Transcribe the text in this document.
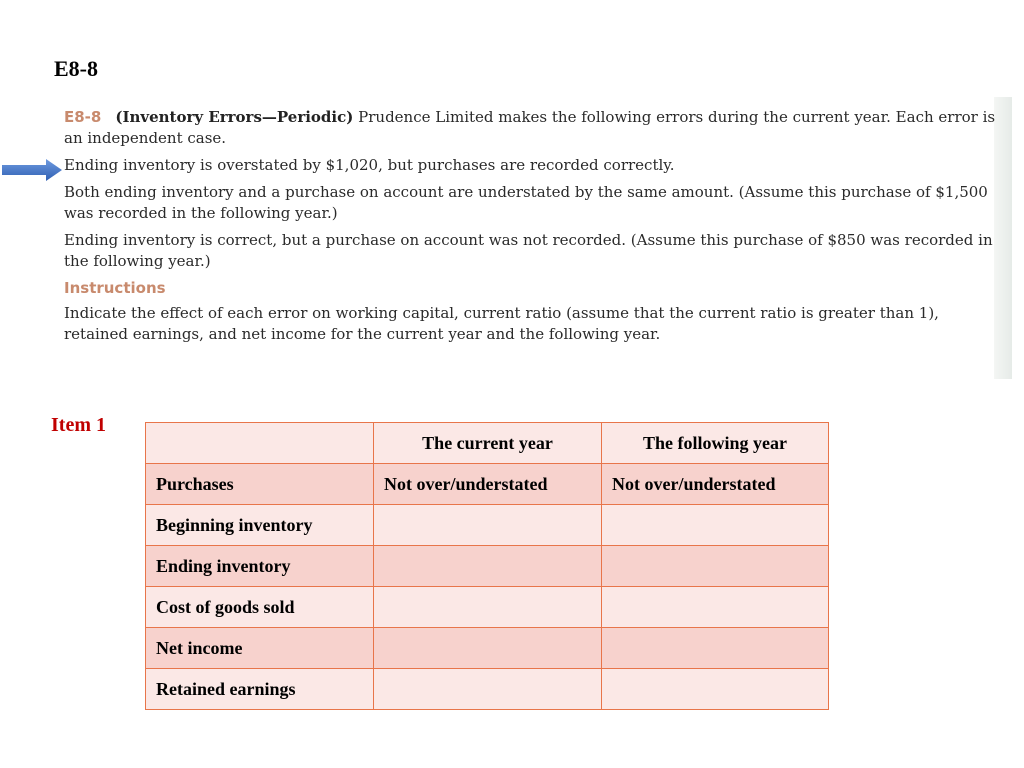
E8-8

E8-8 (Inventory Errors—Periodic) Prudence Limited makes the following errors during the current year. Each error is an independent case.

Ending inventory is overstated by $1,020, but purchases are recorded correctly.

Both ending inventory and a purchase on account are understated by the same amount. (Assume this purchase of $1,500 was recorded in the following year.)

Ending inventory is correct, but a purchase on account was not recorded. (Assume this purchase of $850 was recorded in the following year.)

Instructions

Indicate the effect of each error on working capital, current ratio (assume that the current ratio is greater than 1), retained earnings, and net income for the current year and the following year.

Item 1
	The current year	The following year
Purchases	Not over/understated	Not over/understated
Beginning inventory		
Ending inventory		
Cost of goods sold		
Net income		
Retained earnings		
